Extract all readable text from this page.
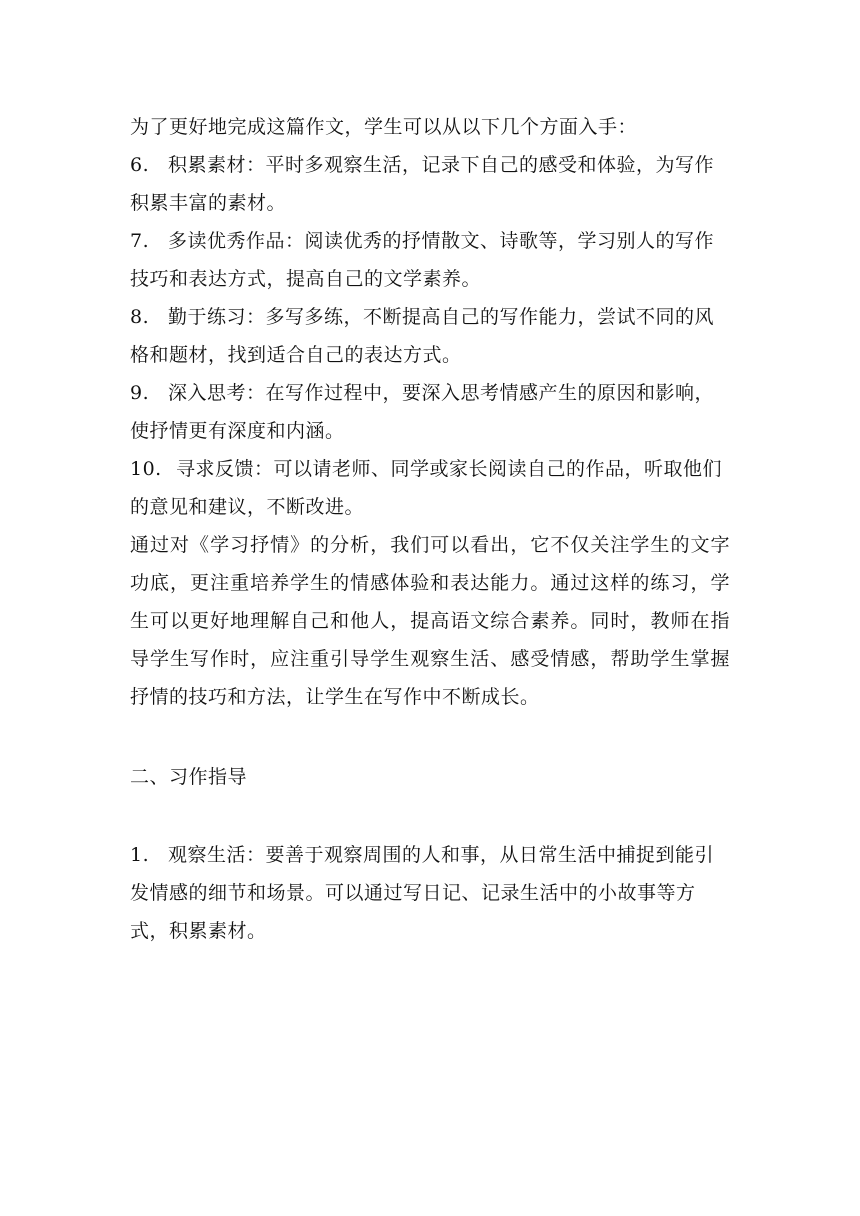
为了更好地完成这篇作文，学生可以从以下几个方面入手：

6. 积累素材：平时多观察生活，记录下自己的感受和体验，为写作积累丰富的素材。

7. 多读优秀作品：阅读优秀的抒情散文、诗歌等，学习别人的写作技巧和表达方式，提高自己的文学素养。

8. 勤于练习：多写多练，不断提高自己的写作能力，尝试不同的风格和题材，找到适合自己的表达方式。

9. 深入思考：在写作过程中，要深入思考情感产生的原因和影响，使抒情更有深度和内涵。

10. 寻求反馈：可以请老师、同学或家长阅读自己的作品，听取他们的意见和建议，不断改进。

通过对《学习抒情》的分析，我们可以看出，它不仅关注学生的文字功底，更注重培养学生的情感体验和表达能力。通过这样的练习，学生可以更好地理解自己和他人，提高语文综合素养。同时，教师在指导学生写作时，应注重引导学生观察生活、感受情感，帮助学生掌握抒情的技巧和方法，让学生在写作中不断成长。

二、习作指导

1. 观察生活：要善于观察周围的人和事，从日常生活中捕捉到能引发情感的细节和场景。可以通过写日记、记录生活中的小故事等方式，积累素材。
